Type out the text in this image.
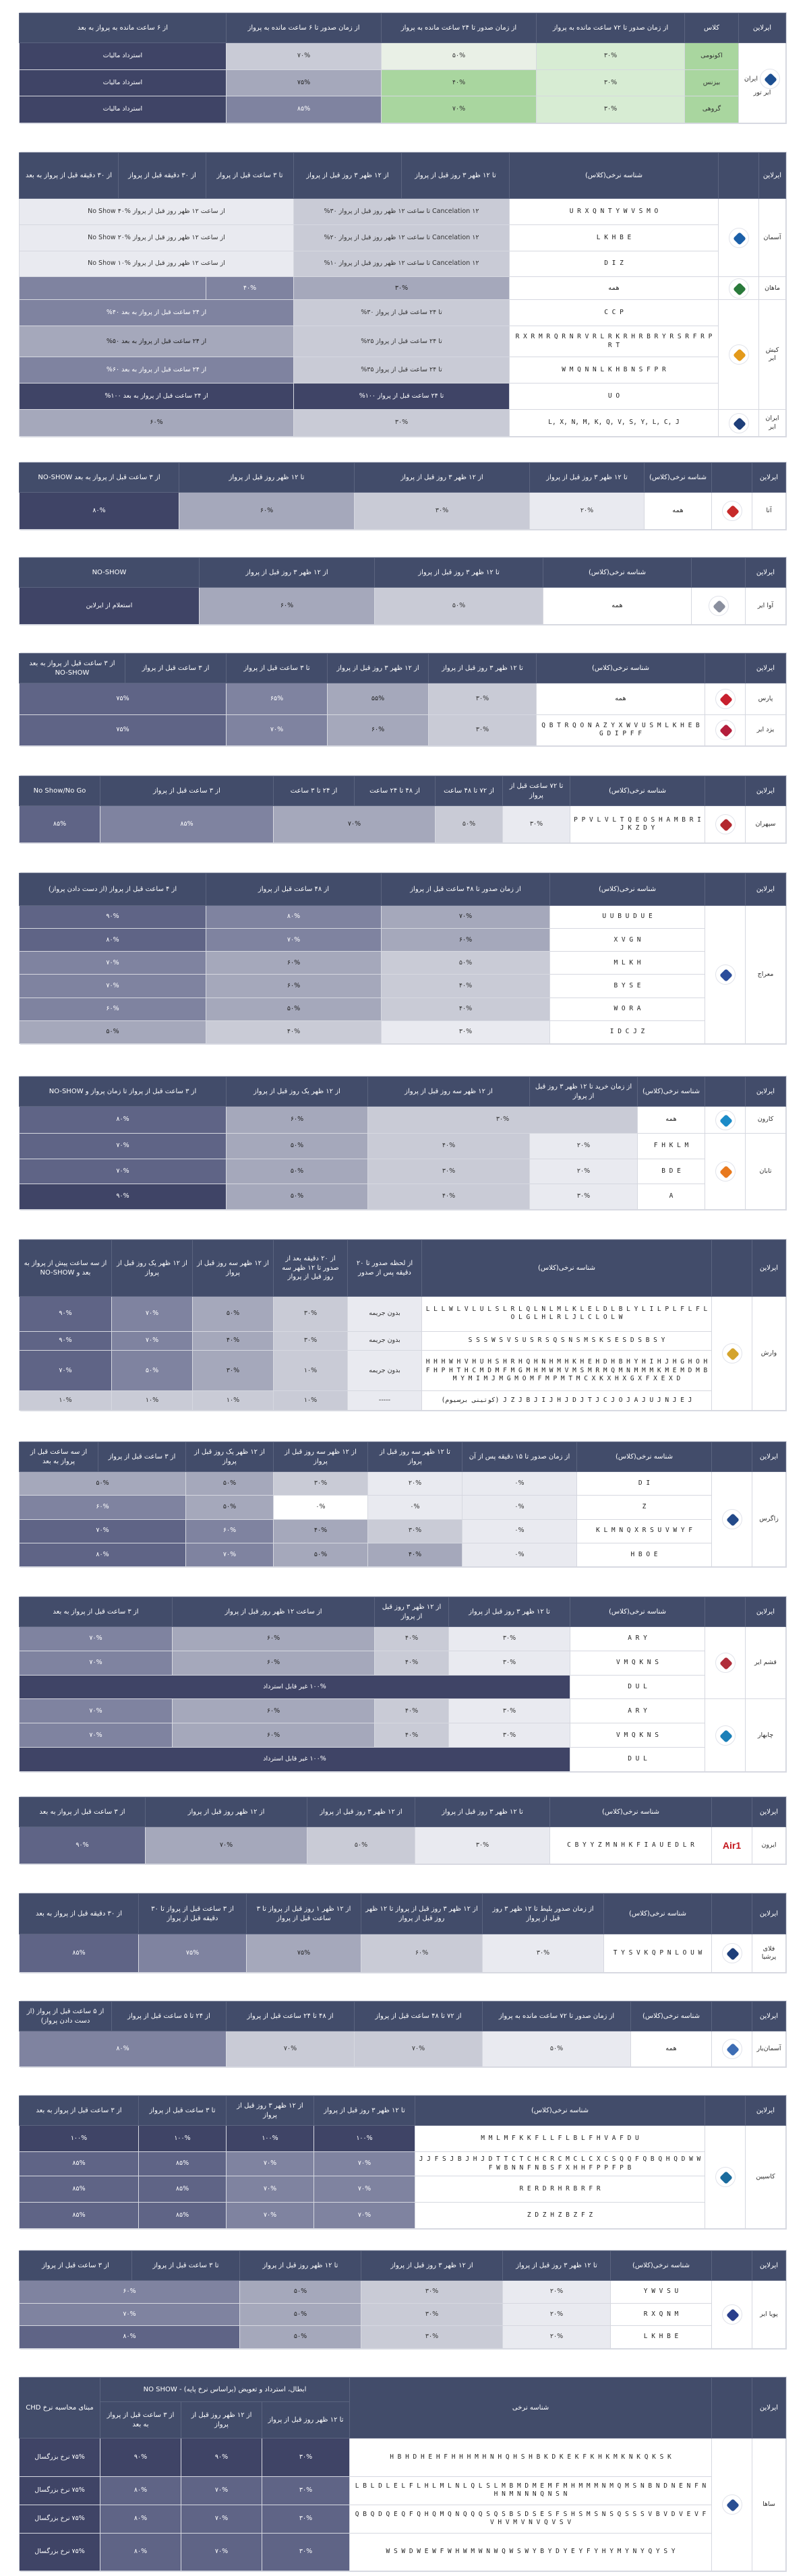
ایرلاین	کلاس	از زمان صدور تا ۷۲ ساعت مانده به پرواز	از زمان صدور تا ۲۴ ساعت مانده به پرواز	از زمان صدور تا ۶ ساعت مانده به پرواز	از ۶ ساعت مانده به پرواز به بعد
ایران ایر تور	اکونومی	۳۰%	۵۰%	۷۰%	استرداد مالیات
	بیزنس	۳۰%	۴۰%	۷۵%	استرداد مالیات
	گروهی	۳۰%	۷۰%	۸۵%	استرداد مالیات
ایرلاین		شناسه نرخی(کلاس)	تا ۱۲ ظهر ۳ روز قبل از پرواز	از ۱۲ ظهر ۳ روز قبل از پرواز	تا ۳ ساعت قبل از پرواز	از ۳۰ دقیقه قبل از پرواز	از ۳۰ دقیقه قبل از پرواز به بعد
آسمان		U R X Q N T Y W V S M O	Cancelation ۱۲ تا ساعت ۱۲ ظهر روز قبل از پرواز ۳۰%		از ساعت ۱۲ ظهر روز قبل از پرواز No Show ۴۰%		
		L K H B E	Cancelation ۱۲ تا ساعت ۱۲ ظهر روز قبل از پرواز ۲۰%		از ساعت ۱۲ ظهر روز قبل از پرواز No Show ۲۰%		
		D I Z	Cancelation ۱۲ تا ساعت ۱۲ ظهر روز قبل از پرواز ۱۰%		از ساعت ۱۲ ظهر روز قبل از پرواز No Show ۱۰%		
ماهان		همه	۳۰%		۴۰%		
کیش ایر		C C P	تا ۲۴ ساعت قبل از پرواز ۳۰%		از ۲۴ ساعت قبل از پرواز به بعد ۴۰%		
		R X R M R Q R N R V R L R K R H R B R Y R S R F R P R T	تا ۲۴ ساعت قبل از پرواز ۲۵%		از ۲۴ ساعت قبل از پرواز به بعد ۵۰%		
		W M Q N N L K H B N S F P R	تا ۲۴ ساعت قبل از پرواز ۳۵%		از ۲۴ ساعت قبل از پرواز به بعد ۶۰%		
		U O	تا ۲۴ ساعت قبل از پرواز ۱۰۰%		از ۲۴ ساعت قبل از پرواز به بعد ۱۰۰%		
ایران ایر		L, X, N, M, K, Q, V, S, Y, L, C, J	۳۰%		۶۰%		
ایرلاین		شناسه نرخی(کلاس)	تا ۱۲ ظهر ۳ روز قبل از پرواز	از ۱۲ ظهر ۳ روز قبل از پرواز	تا ۱۲ ظهر روز قبل از پرواز	از ۳ ساعت قبل از پرواز به بعد NO-SHOW
آتا		همه	۲۰%	۳۰%	۶۰%	۸۰%
ایرلاین		شناسه نرخی(کلاس)	تا ۱۲ ظهر ۳ روز قبل از پرواز	از ۱۲ ظهر ۳ روز قبل از پرواز	NO-SHOW
آوا ایر		همه	۵۰%	۶۰%	استعلام از ایرلاین
ایرلاین		شناسه نرخی(کلاس)	تا ۱۲ ظهر ۳ روز قبل از پرواز	از ۱۲ ظهر ۳ روز قبل از پرواز	تا ۳ ساعت قبل از پرواز	از ۳ ساعت قبل از پرواز	از ۳ ساعت قبل از پرواز به بعد NO-SHOW
پارس		همه	۳۰%	۵۵%	۶۵%	۷۵%	
یزد ایر		Q B T R Q O N A Z Y X W V U S M L K H E B G D I P F F	۳۰%	۶۰%	۷۰%	۷۵%	
ایرلاین		شناسه نرخی(کلاس)	تا ۷۲ ساعت قبل از پرواز	از ۷۲ تا ۴۸ ساعت	از ۴۸ تا ۲۴ ساعت	از ۲۴ تا ۳ ساعت	از ۳ ساعت قبل از پرواز	No Show/No Go
سپهران		P P V L V L T Q E O S H A M B R I J K Z D Y	۳۰%	۵۰%	۷۰%		۸۵%	۸۵%
ایرلاین		شناسه نرخی(کلاس)	از زمان صدور تا ۴۸ ساعت قبل از پرواز	از ۴۸ ساعت قبل از پرواز	از ۴ ساعت قبل از پرواز (از دست دادن پرواز)
معراج		U U B U D U E	۷۰%	۸۰%	۹۰%
		X V G N	۶۰%	۷۰%	۸۰%
		M L K H	۵۰%	۶۰%	۷۰%
		B Y S E	۴۰%	۶۰%	۷۰%
		W O R A	۴۰%	۵۰%	۶۰%
		I D C J Z	۳۰%	۴۰%	۵۰%
ایرلاین		شناسه نرخی(کلاس)	از زمان خرید تا ۱۲ ظهر ۳ روز قبل از پرواز	از ۱۲ ظهر سه روز قبل از پرواز	از ۱۲ ظهر یک روز قبل از پرواز	از ۳ ساعت قبل از پرواز تا زمان پرواز و NO-SHOW
کارون		همه	۳۰%		۶۰%	۸۰%
تابان		F H K L M	۲۰%	۴۰%	۵۰%	۷۰%
		B D E	۲۰%	۳۰%	۵۰%	۷۰%
		A	۳۰%	۴۰%	۵۰%	۹۰%
ایرلاین		شناسه نرخی(کلاس)	از لحظه صدور تا ۲۰ دقیقه پس از صدور	از ۲۰ دقیقه بعد از صدور تا ۱۲ ظهر سه روز قبل از پرواز	از ۱۲ ظهر سه روز قبل از پرواز	از ۱۲ ظهر یک روز قبل از پرواز	از سه ساعت پیش از پرواز به بعد و NO-SHOW
وارش		L L L W L V L U L S L R L Q L N L M L K L E L D L B L Y L I L P L F L F L O L G L H L R L J L C L O L W	بدون جریمه	۳۰%	۵۰%	۷۰%	۹۰%
		S S S W S V S U S R S Q S N S M S K S E S D S B S Y	بدون جریمه	۳۰%	۴۰%	۷۰%	۹۰%
		H H H W H V H U H S H R H Q H N H M H K H E H D H B H Y H I H J H G H O H F H P H T H C M D M F M G M H M W M V M S M R M Q M N M M M K M E M D M B M Y M I M J M G M O M F M P M T M C X K X H X G X F X E X D	بدون جریمه	۱۰%	۳۰%	۵۰%	۷۰%
		J Z J B J I J H J D J T J C J O J A J U J N J E J (کوتینی برسیوم)	-----	۱۰%	۱۰%	۱۰%	۱۰%
ایرلاین		شناسه نرخی(کلاس)	از زمان صدور تا ۱۵ دقیقه پس از آن	تا ۱۲ ظهر سه روز قبل از پرواز	از ۱۲ ظهر سه روز قبل از پرواز	از ۱۲ ظهر یک روز قبل از پرواز	از ۳ ساعت قبل از پرواز	از سه ساعت قبل از پرواز به بعد
زاگرس		D I	۰%	۲۰%	۳۰%	۵۰%	۵۰%	
		Z	۰%	۰%	۰%	۵۰%	۶۰%	
		K L M N Q X R S U V W Y F	۰%	۳۰%	۴۰%	۶۰%	۷۰%	
		H B O E	۰%	۴۰%	۵۰%	۷۰%	۸۰%	
ایرلاین		شناسه نرخی(کلاس)	تا ۱۲ ظهر ۳ روز قبل از پرواز	از ۱۲ ظهر ۳ روز قبل از پرواز	از ساعت ۱۲ ظهر روز قبل از پرواز	از ۳ ساعت قبل از پرواز به بعد
قشم ایر		A R Y	۳۰%	۴۰%	۶۰%	۷۰%
		V M Q K N S	۳۰%	۴۰%	۶۰%	۷۰%
		D U L	۱۰۰% غیر قابل استرداد			
چابهار		A R Y	۳۰%	۴۰%	۶۰%	۷۰%
		V M Q K N S	۳۰%	۴۰%	۶۰%	۷۰%
		D U L	۱۰۰% غیر قابل استرداد			
ایرلاین		شناسه نرخی(کلاس)	تا ۱۲ ظهر ۳ روز قبل از پرواز	از ۱۲ ظهر ۳ روز قبل از پرواز	از ۱۲ ظهر روز قبل از پرواز	از ۳ ساعت قبل از پرواز به بعد
ایرون	Air1	C B Y Y Z M N H K F I A U E D L R	۳۰%	۵۰%	۷۰%	۹۰%
ایرلاین		شناسه نرخی(کلاس)	از زمان صدور بلیط تا ۱۲ ظهر ۳ روز قبل از پرواز	از ۱۲ ظهر ۳ روز قبل از پرواز تا ۱۲ ظهر روز قبل از پرواز	از ۱۲ ظهر ۱ روز قبل از پرواز تا ۳ ساعت قبل از پرواز	از ۳ ساعت قبل از پرواز تا ۳۰ دقیقه قبل از پرواز	از ۳۰ دقیقه قبل از پرواز به بعد
فلای پرشیا		T Y S V K Q P N L O U W	۳۰%	۶۰%	۷۵%	۷۵%	۸۵%
ایرلاین		شناسه نرخی(کلاس)	از زمان صدور تا ۷۲ ساعت مانده به پرواز	از ۷۲ تا ۴۸ ساعت قبل از پرواز	از ۴۸ تا ۲۴ ساعت قبل از پرواز	از ۲۴ تا ۵ ساعت قبل از پرواز	از ۵ ساعت قبل از پرواز (از دست دادن پرواز)
آسمان‌یار		همه	۵۰%	۷۰%	۷۰%	۸۰%	
ایرلاین		شناسه نرخی(کلاس)	تا ۱۲ ظهر ۳ روز قبل از پرواز	از ۱۲ ظهر ۳ روز قبل از پرواز	تا ۳ ساعت قبل از پرواز	از ۳ ساعت قبل از پرواز به بعد
کاسپین		M M L M F K K F L L F L B L F H V A F D U	۱۰۰%	۱۰۰%	۱۰۰%	۱۰۰%
		J J F S J B J H J D T T C T C H C R C M C L C X C S Q Q F Q B Q H Q D W W F W B N N F N B S F X H H F P P F P B	۷۰%	۷۰%	۸۵%	۸۵%
		R E R D R H R B R F R	۷۰%	۷۰%	۸۵%	۸۵%
		Z D Z H Z B Z F Z	۷۰%	۷۰%	۸۵%	۸۵%
ایرلاین		شناسه نرخی(کلاس)	تا ۱۲ ظهر ۳ روز قبل از پرواز	از ۱۲ ظهر ۳ روز قبل از پرواز	تا ۱۲ ظهر روز قبل از پرواز	تا ۳ ساعت قبل از پرواز	از ۳ ساعت قبل از پرواز
پویا ایر		Y W V S U	۲۰%	۳۰%	۵۰%	۶۰%	
		R X Q N M	۲۰%	۳۰%	۵۰%	۷۰%	
		L K H B E	۲۰%	۳۰%	۵۰%	۸۰%	
ایرلاین		شناسه نرخی	ابطال، استرداد و تعویض (براساس نرخ پایه) - NO SHOW			مبنای محاسبه نرخ CHD
			تا ۱۲ ظهر روز قبل از پرواز	از ۱۲ ظهر روز قبل از پرواز	از ۳ ساعت قبل از پرواز به بعد	
ساها		H B H D H E H F H H H M H N H Q H S H B K D K E K F K H K M K N K Q K S K	۳۰%	۹۰%	۹۰%	۷۵% نرخ بزرگسال
		L B L D L E L F L H L M L N L Q L S L M B M D M E M F M H M M M N M Q M S N B N D N E N F N H N M N N N Q N S N	۳۰%	۷۰%	۸۰%	۷۵% نرخ بزرگسال
		Q B Q D Q E Q F Q H Q M Q N Q Q Q S Q S B S D S E S F S H S M S N S Q S S S V B V D V E V F V H V M V N V Q V S V	۳۰%	۷۰%	۸۰%	۷۵% نرخ بزرگسال
		W S W D W E W F W H W M W N W Q W S W Y B Y D Y E Y F Y H Y M Y N Y Q Y S Y	۳۰%	۷۰%	۸۰%	۷۵% نرخ بزرگسال
